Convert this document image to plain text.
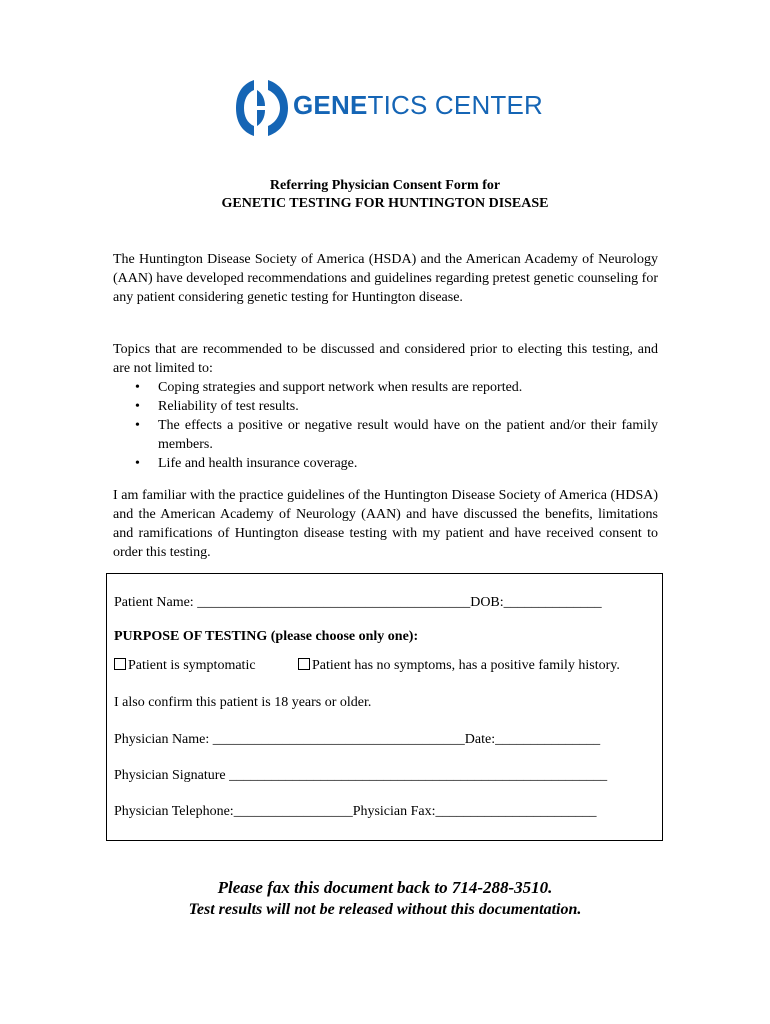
GENETICS CENTER
Referring Physician Consent Form for
GENETIC TESTING FOR HUNTINGTON DISEASE
The Huntington Disease Society of America (HSDA) and the American Academy of Neurology (AAN) have developed recommendations and guidelines regarding pretest genetic counseling for any patient considering genetic testing for Huntington disease.
Topics that are recommended to be discussed and considered prior to electing this testing, and are not limited to:
• Coping strategies and support network when results are reported.
• Reliability of test results.
• The effects a positive or negative result would have on the patient and/or their family members.
• Life and health insurance coverage.
I am familiar with the practice guidelines of the Huntington Disease Society of America (HDSA) and the American Academy of Neurology (AAN) and have discussed the benefits, limitations and ramifications of Huntington disease testing with my patient and have received consent to order this testing.
Patient Name: _______________________________________DOB:______________
PURPOSE OF TESTING (please choose only one):
Patient is symptomatic	Patient has no symptoms, has a positive family history.
I also confirm this patient is 18 years or older.
Physician Name: ____________________________________Date:_______________
Physician Signature ______________________________________________________
Physician Telephone:_________________Physician Fax:_______________________
Please fax this document back to 714-288-3510.
Test results will not be released without this documentation.
